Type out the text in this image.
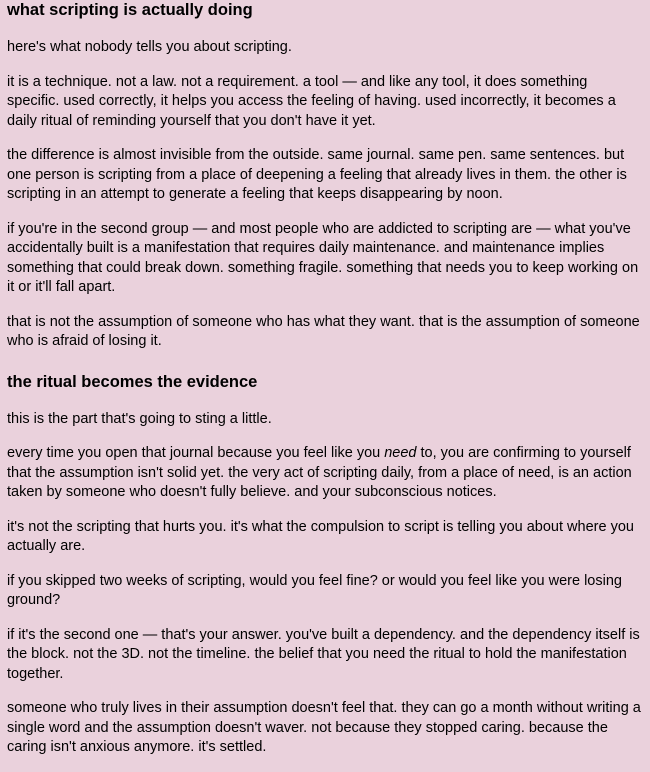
what scripting is actually doing

here's what nobody tells you about scripting.

it is a technique. not a law. not a requirement. a tool — and like any tool, it does something specific. used correctly, it helps you access the feeling of having. used incorrectly, it becomes a daily ritual of reminding yourself that you don't have it yet.

the difference is almost invisible from the outside. same journal. same pen. same sentences. but one person is scripting from a place of deepening a feeling that already lives in them. the other is scripting in an attempt to generate a feeling that keeps disappearing by noon.

if you're in the second group — and most people who are addicted to scripting are — what you've accidentally built is a manifestation that requires daily maintenance. and maintenance implies something that could break down. something fragile. something that needs you to keep working on it or it'll fall apart.

that is not the assumption of someone who has what they want. that is the assumption of someone who is afraid of losing it.

the ritual becomes the evidence

this is the part that's going to sting a little.

every time you open that journal because you feel like you need to, you are confirming to yourself that the assumption isn't solid yet. the very act of scripting daily, from a place of need, is an action taken by someone who doesn't fully believe. and your subconscious notices.

it's not the scripting that hurts you. it's what the compulsion to script is telling you about where you actually are.

if you skipped two weeks of scripting, would you feel fine? or would you feel like you were losing ground?

if it's the second one — that's your answer. you've built a dependency. and the dependency itself is the block. not the 3D. not the timeline. the belief that you need the ritual to hold the manifestation together.

someone who truly lives in their assumption doesn't feel that. they can go a month without writing a single word and the assumption doesn't waver. not because they stopped caring. because the caring isn't anxious anymore. it's settled.
